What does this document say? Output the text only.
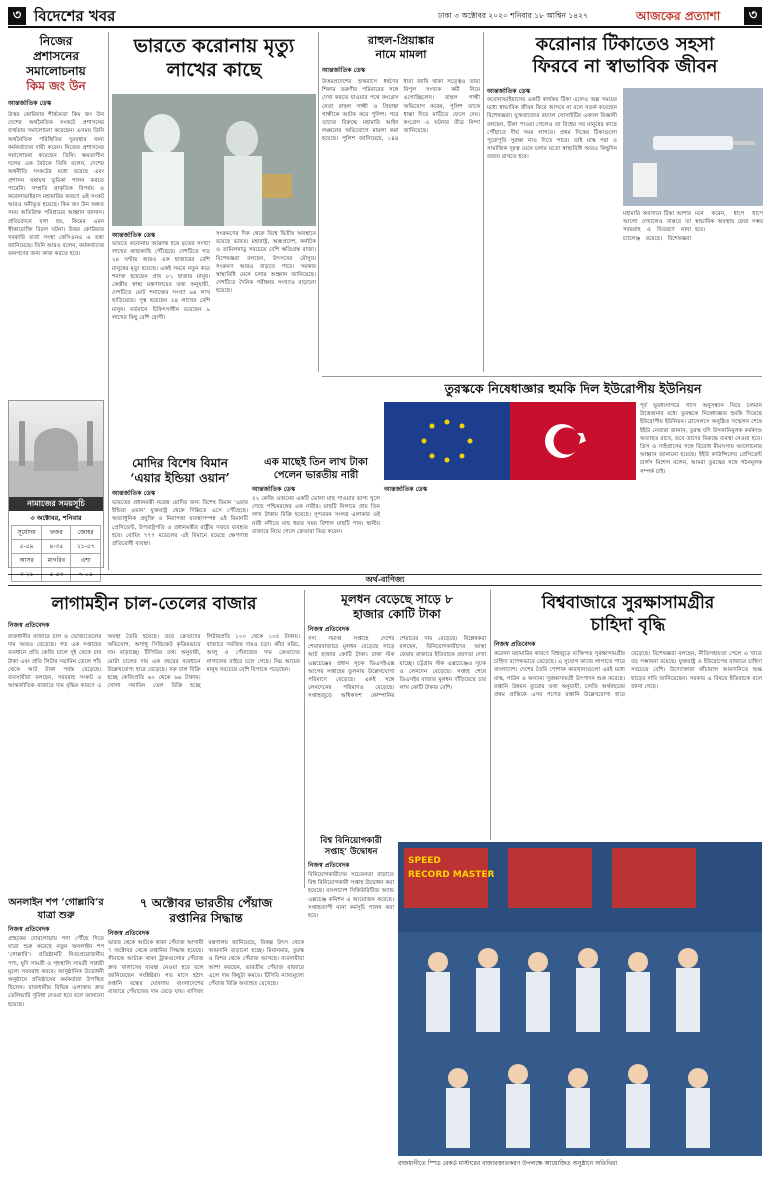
৩ বিদেশের খবর	ঢাকা ৩ অক্টোবর ২০২০ শনিবার ১৮ আশ্বিন ১৪২৭	আজকের প্রত্যাশা	৩
নিজের
প্রশাসনের
সমালোচনায়
কিম জং উন
আন্তর্জাতিক ডেস্ক
উত্তর কোরিয়ার শীর্ষনেতা কিম জং উন দেশের অর্থনৈতিক সংকটে প্রশাসনের ব্যর্থতার সমালোচনা করেছেন। এসময় তিনি অর্থনৈতিক পরিস্থিতির দুরবস্থার জন্য কর্মকর্তাদের দায়ী করেন। নিজের প্রশাসনের সমালোচনা করেছেন তিনি। ক্ষমতাসীন দলের এক বৈঠকে তিনি বলেন, দেশের অর্থনীতি সংকটের মধ্যে রয়েছে এবং প্রশাসন যথাযথ ভূমিকা পালন করতে পারেনি। সম্প্রতি প্রাকৃতিক বিপর্যয় ও করোনাভাইরাস মহামারির কারণে এই সংকট আরও ঘনীভূত হয়েছে। কিম জং উন অন্তত সময় অতিরিক্ত পরিশ্রমের আহ্বান জানান। প্রতিবেদনে বলা হয়, কিমের এমন স্বীকারোক্তি বিরল ঘটনা। উত্তর কোরিয়ার সরকারি বার্তা সংস্থা কেসিএনএ এ তথ্য জানিয়েছে। তিনি আরও বলেন, কর্মকর্তাদের জনগণের জন্য কাজ করতে হবে।
নামাজের সময়সূচি
৩ অক্টোবর, শনিবার
সূর্যোদয়	ফজর	জোহর
৫-৫৯	৪-৩৫	১১-৫৭
আসর	মাগরিব	এশা
৩-২১	৫-৫৩	৭-০৫
ভারতে করোনায় মৃত্যু
লাখের কাছে
আন্তর্জাতিক ডেস্ক
ভারতে করোনায় আক্রান্ত হয়ে মৃতের সংখ্যা লাখের কাছাকাছি পৌঁছেছে। দেশটিতে গত ২৪ ঘণ্টায় আরও এক হাজারের বেশি মানুষের মৃত্যু হয়েছে। একই সময়ে নতুন করে শনাক্ত হয়েছেন প্রায় ৮১ হাজার মানুষ। কেন্দ্রীয় স্বাস্থ্য মন্ত্রণালয়ের তথ্য অনুযায়ী, দেশটিতে মোট শনাক্তের সংখ্যা ৬৪ লাখ ছাড়িয়েছে। সুস্থ হয়েছেন ৫৪ লাখের বেশি মানুষ। বর্তমানে চিকিৎসাধীন রয়েছেন ৯ লাখের কিছু বেশি রোগী।
সংক্রমণের দিক থেকে বিশ্বে দ্বিতীয় অবস্থানে রয়েছে ভারত। মহারাষ্ট্র, অন্ধ্রপ্রদেশ, কর্নাটক ও তামিলনাড়ু সবচেয়ে বেশি ক্ষতিগ্রস্ত রাজ্য। বিশেষজ্ঞরা বলছেন, উৎসবের মৌসুমে সংক্রমণ আরও বাড়তে পারে। সরকার স্বাস্থ্যবিধি মেনে চলার আহ্বান জানিয়েছে। দেশটিতে দৈনিক পরীক্ষার সংখ্যাও বাড়ানো হয়েছে।
রাহুল-প্রিয়াঙ্কার
নামে মামলা
আন্তর্জাতিক ডেস্ক
উত্তরপ্রদেশের হাথরাসে ধর্ষণের শিকার তরুণীর পরিবারের সঙ্গে দেখা করতে যাওয়ার পথে কংগ্রেস নেতা রাহুল গান্ধী ও প্রিয়াঙ্কা গান্ধীকে আটক করে পুলিশ। পরে তাদের বিরুদ্ধে মহামারি আইন লঙ্ঘনের অভিযোগে মামলা করা হয়েছে। পুলিশ জানিয়েছে, ১৪৪ ধারা জারি থাকা সত্ত্বেও তারা বিপুল সংখ্যক কর্মী নিয়ে এগোচ্ছিলেন। রাহুল গান্ধী অভিযোগ করেন, পুলিশ তাকে ধাক্কা দিয়ে মাটিতে ফেলে দেয়। কংগ্রেস এ ঘটনার তীব্র নিন্দা জানিয়েছে।
করোনার টিকাতেও সহসা
ফিরবে না স্বাভাবিক জীবন
আন্তর্জাতিক ডেস্ক
করোনাভাইরাসের একটি কার্যকর টিকা এলেও অল্প সময়ের মধ্যে স্বাভাবিক জীবন ফিরে আসবে না বলে সতর্ক করেছেন বিশেষজ্ঞরা। যুক্তরাজ্যের রয়্যাল সোসাইটির একদল বিজ্ঞানী বলছেন, টিকা পাওয়া গেলেও তা বিশ্বের সব মানুষের কাছে পৌঁছাতে দীর্ঘ সময় লাগবে। প্রথম দিকের টিকাগুলো পুরোপুরি সুরক্ষা নাও দিতে পারে। তাই মাস্ক পরা ও সামাজিক দূরত্ব মেনে চলার মতো স্বাস্থ্যবিধি আরও কিছুদিন বজায় রাখতে হবে।
মহামারি অবসানে টিকা আশার আলো দেখালেও বাস্তবে তা সরবরাহ ও বিতরণে নানা চ্যালেঞ্জ রয়েছে। বিশেষজ্ঞরা মনে করেন, ধাপে ধাপে স্বাভাবিক অবস্থায় ফেরা সম্ভব হবে।
মোদির বিশেষ বিমান
‘এয়ার ইন্ডিয়া ওয়ান’
আন্তর্জাতিক ডেস্ক
ভারতের প্রধানমন্ত্রী নরেন্দ্র মোদির জন্য বিশেষ বিমান ‘এয়ার ইন্ডিয়া ওয়ান’ যুক্তরাষ্ট্র থেকে দিল্লিতে এসে পৌঁছেছে। অত্যাধুনিক প্রযুক্তি ও নিরাপত্তা ব্যবস্থাসম্পন্ন এই বিমানটি প্রেসিডেন্ট, উপরাষ্ট্রপতি ও প্রধানমন্ত্রীর রাষ্ট্রীয় সফরে ব্যবহৃত হবে। বোয়িং ৭৭৭ মডেলের এই বিমানে রয়েছে ক্ষেপণাস্ত্র প্রতিরোধী ব্যবস্থা।
এক মাছেই তিন লাখ টাকা
পেলেন ভারতীয় নারী
আন্তর্জাতিক ডেস্ক
৫২ কেজি ওজনের একটি ভোলা মাছ পাওয়ার ভাগ্য খুলে গেছে পশ্চিমবঙ্গের এক নারীর। মাছটি নিলামে প্রায় তিন লাখ টাকায় বিক্রি হয়েছে। সুন্দরবন সংলগ্ন এলাকার ওই নারী নদীতে মাছ ধরার সময় বিশাল মাছটি পান। স্থানীয় বাজারে নিয়ে গেলে ক্রেতারা ভিড় করেন।
তুরস্ককে নিষেধাজ্ঞার হুমকি দিল ইউরোপীয় ইউনিয়ন
পূর্ব ভূমধ্যসাগরে গ্যাস অনুসন্ধান নিয়ে চলমান উত্তেজনার মধ্যে তুরস্ককে নিষেধাজ্ঞার হুমকি দিয়েছে ইউরোপীয় ইউনিয়ন। ব্রাসেলসে অনুষ্ঠিত সম্মেলন শেষে ইইউ নেতারা জানান, তুরস্ক যদি উসকানিমূলক কর্মকাণ্ড অব্যাহত রাখে, তবে তাদের বিরুদ্ধে ব্যবস্থা নেওয়া হবে। গ্রিস ও সাইপ্রাসের সঙ্গে বিরোধ মীমাংসায় আলোচনার আহ্বান জানানো হয়েছে। ইইউ কাউন্সিলের প্রেসিডেন্ট চার্লস মিশেল বলেন, আমরা তুরস্কের সঙ্গে গঠনমূলক সম্পর্ক চাই।
আন্তর্জাতিক ডেস্ক
অর্থ-বাণিজ্য
লাগামহীন চাল-তেলের বাজার
নিজস্ব প্রতিবেদক
রাজধানীর বাজারে চাল ও ভোজ্যতেলের দাম আরও বেড়েছে। গত এক সপ্তাহের ব্যবধানে প্রতি কেজি চালে দুই থেকে চার টাকা এবং প্রতি লিটার সয়াবিন তেলে পাঁচ থেকে আট টাকা পর্যন্ত বেড়েছে। ব্যবসায়ীরা বলছেন, সরবরাহ সংকট ও আন্তর্জাতিক বাজারে দাম বৃদ্ধির কারণে এ অবস্থা তৈরি হয়েছে। তবে ক্রেতাদের অভিযোগ, অসাধু সিন্ডিকেট কৃত্রিমভাবে দাম বাড়াচ্ছে। টিসিবির তথ্য অনুযায়ী, মোটা চালের দাম এক বছরের ব্যবধানে উল্লেখযোগ্য হারে বেড়েছে। সরু চাল বিক্রি হচ্ছে কেজিপ্রতি ৬০ থেকে ৬৬ টাকায়। খোলা সয়াবিন তেল বিক্রি হচ্ছে লিটারপ্রতি ১০০ থেকে ১০৫ টাকায়। বাজারে সবজির দামও চড়া। কাঁচা মরিচ, আলু ও পেঁয়াজের দাম ক্রেতাদের নাগালের বাইরে চলে গেছে। নিম্ন আয়ের মানুষ সবচেয়ে বেশি বিপাকে পড়েছেন।
অনলাইন শপ ‘গোল্লাবি’র যাত্রা শুরু
নিজস্ব প্রতিবেদক
গ্রাহকের দোরগোড়ায় পণ্য পৌঁছে দিতে যাত্রা শুরু করেছে নতুন অনলাইন শপ ‘গোল্লাবি’। প্রতিষ্ঠানটি নিত্যপ্রয়োজনীয় পণ্য, মুদি সামগ্রী ও গৃহস্থালি সামগ্রী সাশ্রয়ী মূল্যে সরবরাহ করবে। আনুষ্ঠানিক উদ্বোধনী অনুষ্ঠানে প্রতিষ্ঠানের কর্মকর্তারা উপস্থিত ছিলেন। রাজধানীর বিভিন্ন এলাকায় দ্রুত ডেলিভারি সুবিধা দেওয়া হবে বলে জানানো হয়েছে।
মূলধন বেড়েছে সাড়ে ৮
হাজার কোটি টাকা
নিজস্ব প্রতিবেদক
সদ্য সমাপ্ত সপ্তাহে দেশের শেয়ারবাজারে মূলধন বেড়েছে সাড়ে আট হাজার কোটি টাকা। ঢাকা স্টক এক্সচেঞ্জের প্রধান সূচক ডিএসইএক্স আগের সপ্তাহের তুলনায় উল্লেখযোগ্য পরিমাণে বেড়েছে। একই সঙ্গে লেনদেনের পরিমাণও বেড়েছে। সপ্তাহজুড়ে অধিকাংশ কোম্পানির শেয়ারের দাম বেড়েছে। বিশ্লেষকরা বলছেন, বিনিয়োগকারীদের আস্থা ফেরায় বাজারে ইতিবাচক প্রবণতা দেখা যাচ্ছে। চট্টগ্রাম স্টক এক্সচেঞ্জেও সূচক ও লেনদেন বেড়েছে। সপ্তাহ শেষে ডিএসইর বাজার মূলধন দাঁড়িয়েছে চার লাখ কোটি টাকার বেশি।
বিশ্ব বিনিয়োগকারী
সপ্তাহ’ উদ্বোধন
নিজস্ব প্রতিবেদক
বিনিয়োগকারীদের সচেতনতা বাড়াতে বিশ্ব বিনিয়োগকারী সপ্তাহ উদ্বোধন করা হয়েছে। বাংলাদেশ সিকিউরিটিজ অ্যান্ড এক্সচেঞ্জ কমিশন এ আয়োজন করেছে। সপ্তাহব্যাপী নানা কর্মসূচি পালন করা হবে।
৭ অক্টোবর ভারতীয় পেঁয়াজ
রপ্তানির সিদ্ধান্ত
নিজস্ব প্রতিবেদক
ভারত থেকে আটকে থাকা পেঁয়াজ আগামী ৭ অক্টোবর থেকে রপ্তানির সিদ্ধান্ত হয়েছে। সীমান্তে আটকে থাকা ট্রাকগুলোর পেঁয়াজ দ্রুত খালাসের ব্যবস্থা নেওয়া হবে বলে জানিয়েছেন সংশ্লিষ্টরা। গত মাসে হঠাৎ রপ্তানি বন্ধের ঘোষণায় বাংলাদেশের বাজারে পেঁয়াজের দাম বেড়ে যায়। বাণিজ্য মন্ত্রণালয় জানিয়েছে, বিকল্প উৎস থেকে আমদানি বাড়ানো হচ্ছে। মিয়ানমার, তুরস্ক ও মিশর থেকে পেঁয়াজ আসছে। ব্যবসায়ীরা আশা করছেন, ভারতীয় পেঁয়াজ বাজারে এলে দাম কিছুটা কমবে। টিসিবি ন্যায্যমূল্যে পেঁয়াজ বিক্রি অব্যাহত রেখেছে।
বিশ্ববাজারে সুরক্ষাসামগ্রীর
চাহিদা বৃদ্ধি
নিজস্ব প্রতিবেদক
করোনা মহামারির কারণে বিশ্বজুড়ে ব্যক্তিগত সুরক্ষাসামগ্রীর চাহিদা ব্যাপকভাবে বেড়েছে। এ সুযোগ কাজে লাগাতে পারে বাংলাদেশ। দেশের তৈরি পোশাক কারখানাগুলো এরই মধ্যে মাস্ক, গাউন ও অন্যান্য সুরক্ষাসামগ্রী উৎপাদন শুরু করেছে। রপ্তানি উন্নয়ন ব্যুরোর তথ্য অনুযায়ী, চলতি অর্থবছরের প্রথম প্রান্তিকে এসব পণ্যের রপ্তানি উল্লেখযোগ্য হারে বেড়েছে। বিশেষজ্ঞরা বলছেন, নীতিসহায়তা পেলে এ খাতে বড় সম্ভাবনা রয়েছে। যুক্তরাষ্ট্র ও ইউরোপের বাজারে চাহিদা সবচেয়ে বেশি। উদ্যোক্তারা কাঁচামাল আমদানিতে শুল্ক ছাড়ের দাবি জানিয়েছেন। সরকার এ বিষয়ে ইতিবাচক বলে জানা গেছে।
SPEED
RECORD MASTER
রাজধানীতে স্পিড রেকর্ড মাস্টারের বাজারজাতকরণ উপলক্ষে আয়োজিত অনুষ্ঠানে অতিথিরা
